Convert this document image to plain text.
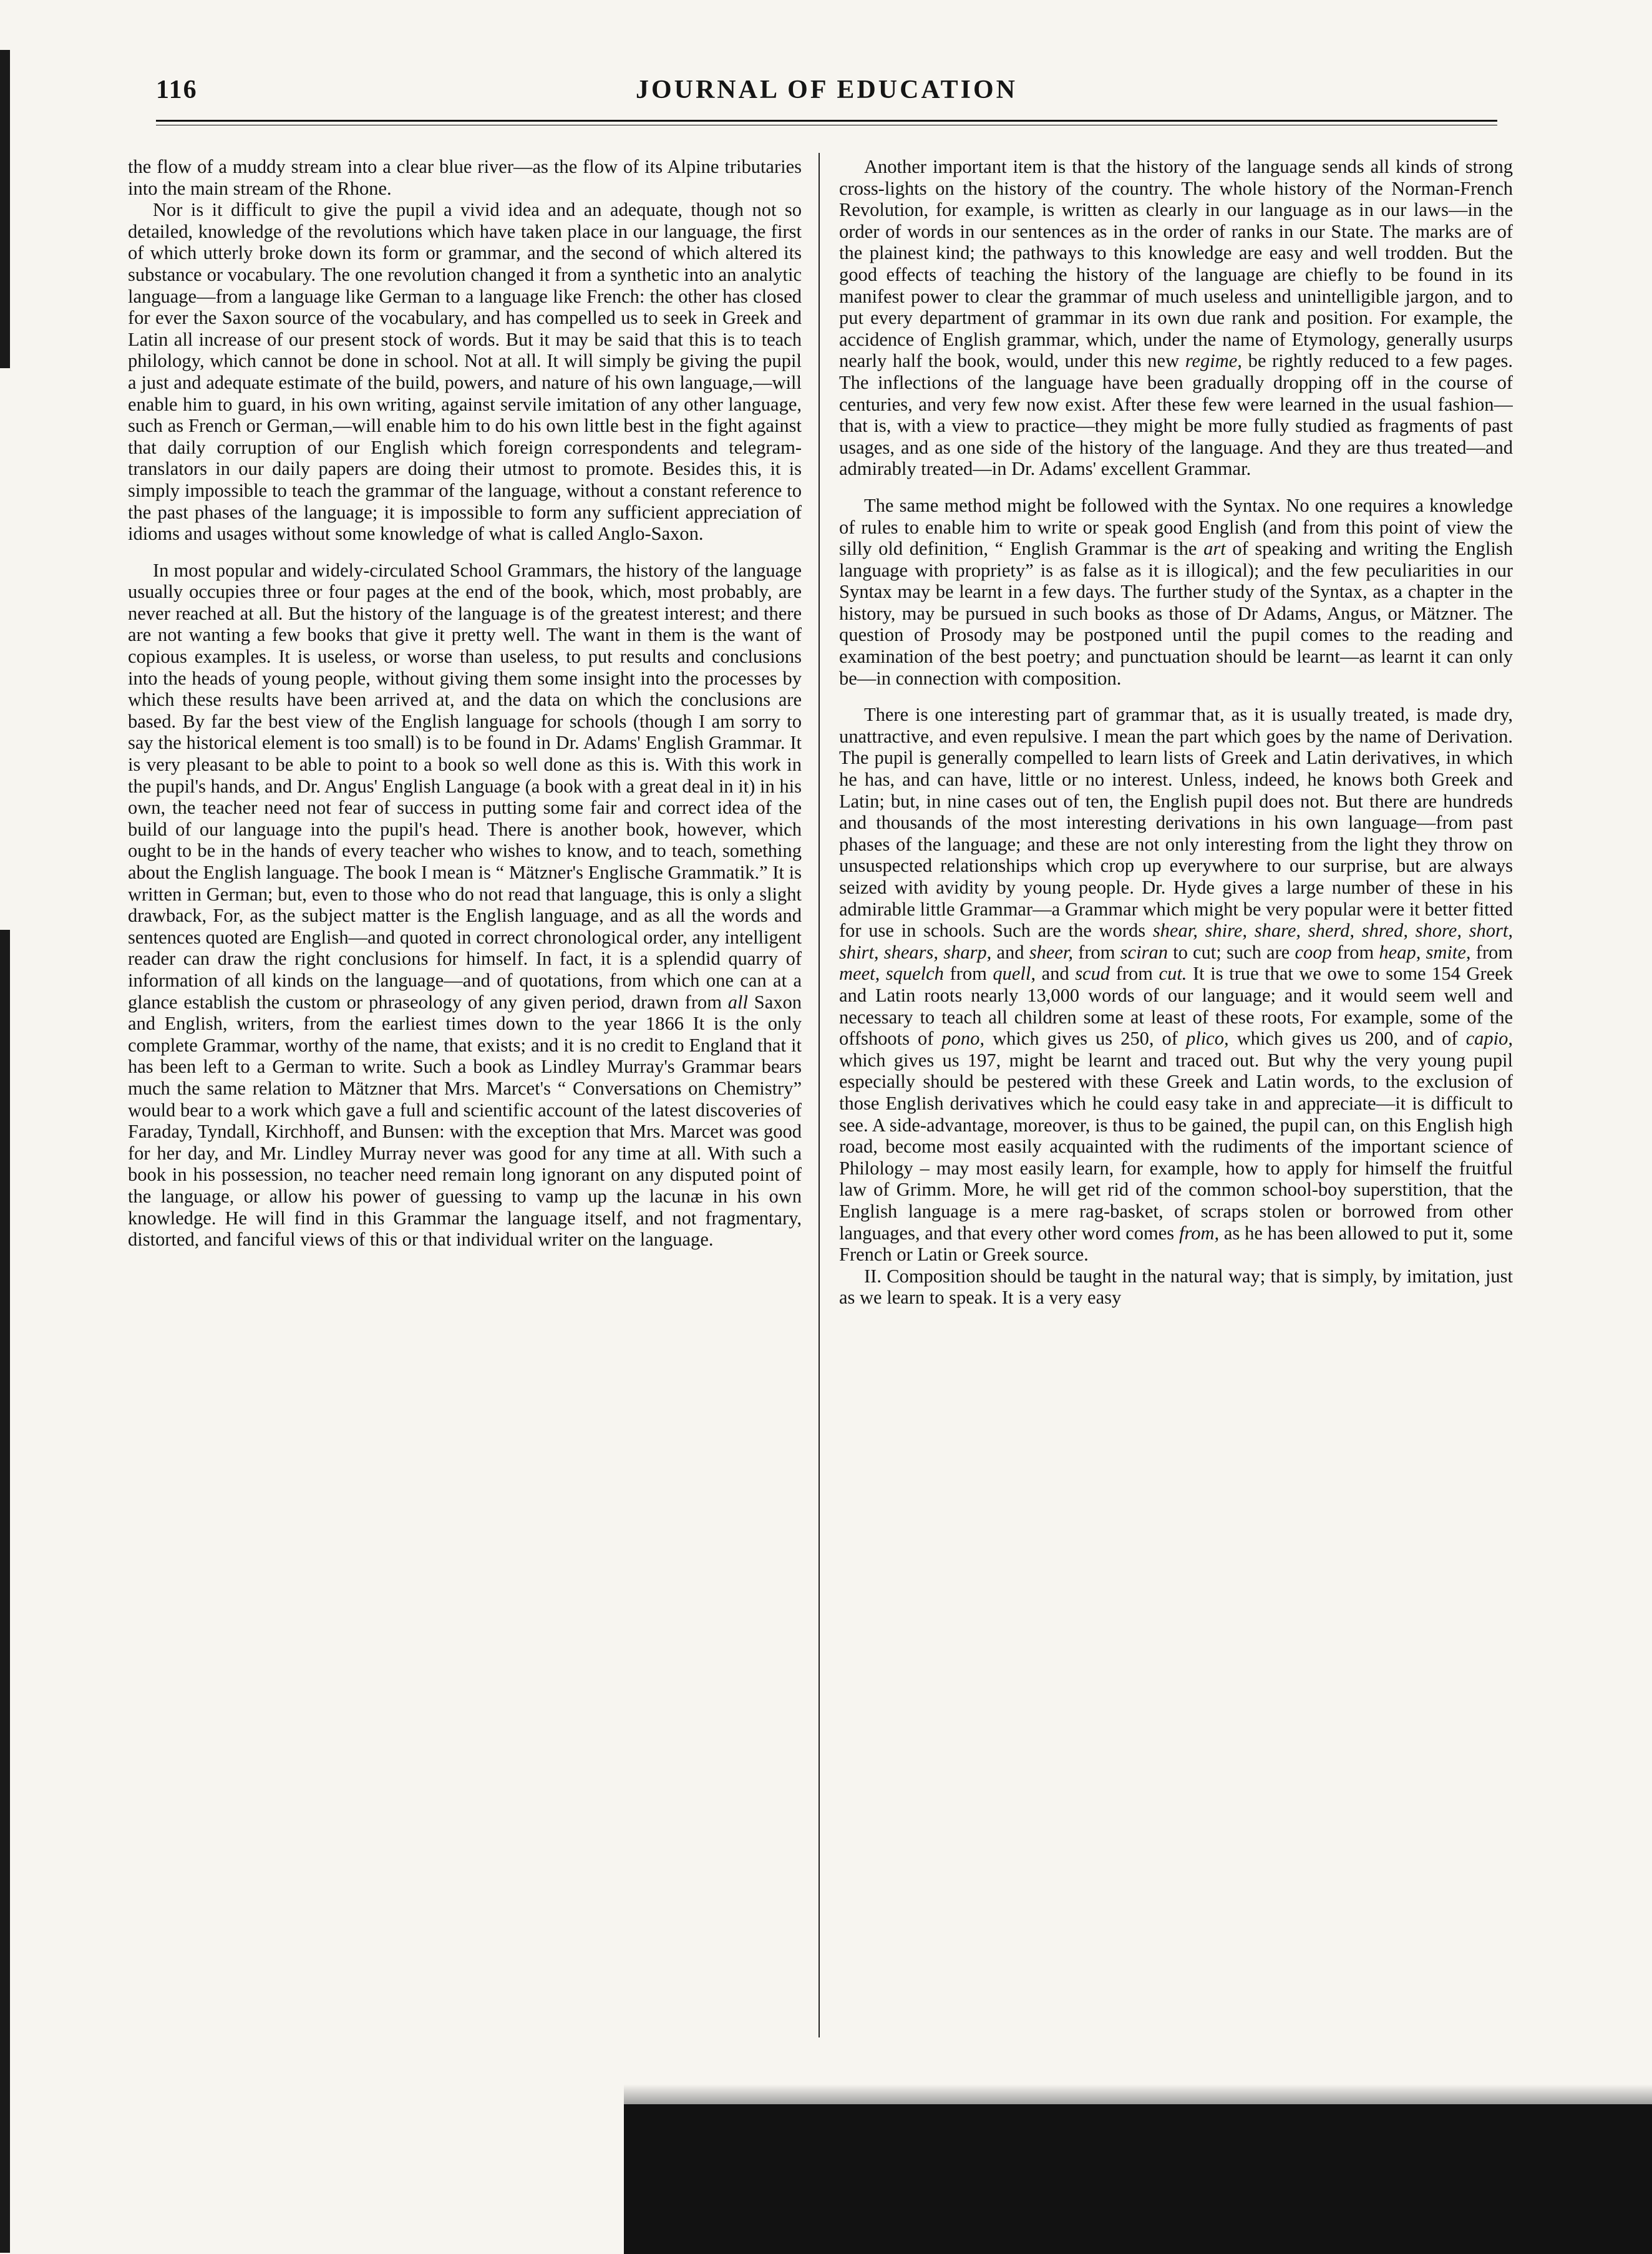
116	JOURNAL OF EDUCATION

the flow of a muddy stream into a clear blue river—as the flow of its Alpine tributaries into the main stream of the Rhone.

Nor is it difficult to give the pupil a vivid idea and an adequate, though not so detailed, knowledge of the revolutions which have taken place in our language, the first of which utterly broke down its form or grammar, and the second of which altered its substance or vocabulary. The one revolution changed it from a synthetic into an analytic language—from a language like German to a language like French: the other has closed for ever the Saxon source of the vocabulary, and has compelled us to seek in Greek and Latin all increase of our present stock of words. But it may be said that this is to teach philology, which cannot be done in school. Not at all. It will simply be giving the pupil a just and adequate estimate of the build, powers, and nature of his own language,—will enable him to guard, in his own writing, against servile imitation of any other language, such as French or German,—will enable him to do his own little best in the fight against that daily corruption of our English which foreign correspondents and telegram-translators in our daily papers are doing their utmost to promote. Besides this, it is simply impossible to teach the grammar of the language, without a constant reference to the past phases of the language; it is impossible to form any sufficient appreciation of idioms and usages without some knowledge of what is called Anglo-Saxon.

In most popular and widely-circulated School Grammars, the history of the language usually occupies three or four pages at the end of the book, which, most probably, are never reached at all. But the history of the language is of the greatest interest; and there are not wanting a few books that give it pretty well. The want in them is the want of copious examples. It is useless, or worse than useless, to put results and conclusions into the heads of young people, without giving them some insight into the processes by which these results have been arrived at, and the data on which the conclusions are based. By far the best view of the English language for schools (though I am sorry to say the historical element is too small) is to be found in Dr. Adams' English Grammar. It is very pleasant to be able to point to a book so well done as this is. With this work in the pupil's hands, and Dr. Angus' English Language (a book with a great deal in it) in his own, the teacher need not fear of success in putting some fair and correct idea of the build of our language into the pupil's head. There is another book, however, which ought to be in the hands of every teacher who wishes to know, and to teach, something about the English language. The book I mean is “ Mätzner's Englische Grammatik.” It is written in German; but, even to those who do not read that language, this is only a slight drawback, For, as the subject matter is the English language, and as all the words and sentences quoted are English—and quoted in correct chronological order, any intelligent reader can draw the right conclusions for himself. In fact, it is a splendid quarry of information of all kinds on the language—and of quotations, from which one can at a glance establish the custom or phraseology of any given period, drawn from all Saxon and English, writers, from the earliest times down to the year 1866 It is the only complete Grammar, worthy of the name, that exists; and it is no credit to England that it has been left to a German to write. Such a book as Lindley Murray's Grammar bears much the same relation to Mätzner that Mrs. Marcet's “ Conversations on Chemistry” would bear to a work which gave a full and scientific account of the latest discoveries of Faraday, Tyndall, Kirchhoff, and Bunsen: with the exception that Mrs. Marcet was good for her day, and Mr. Lindley Murray never was good for any time at all. With such a book in his possession, no teacher need remain long ignorant on any disputed point of the language, or allow his power of guessing to vamp up the lacunæ in his own knowledge. He will find in this Grammar the language itself, and not fragmentary, distorted, and fanciful views of this or that individual writer on the language.

Another important item is that the history of the language sends all kinds of strong cross-lights on the history of the country. The whole history of the Norman-French Revolution, for example, is written as clearly in our language as in our laws—in the order of words in our sentences as in the order of ranks in our State. The marks are of the plainest kind; the pathways to this knowledge are easy and well trodden. But the good effects of teaching the history of the language are chiefly to be found in its manifest power to clear the grammar of much useless and unintelligible jargon, and to put every department of grammar in its own due rank and position. For example, the accidence of English grammar, which, under the name of Etymology, generally usurps nearly half the book, would, under this new regime, be rightly reduced to a few pages. The inflections of the language have been gradually dropping off in the course of centuries, and very few now exist. After these few were learned in the usual fashion—that is, with a view to practice—they might be more fully studied as fragments of past usages, and as one side of the history of the language. And they are thus treated—and admirably treated—in Dr. Adams' excellent Grammar.

The same method might be followed with the Syntax. No one requires a knowledge of rules to enable him to write or speak good English (and from this point of view the silly old definition, “ English Grammar is the art of speaking and writing the English language with propriety” is as false as it is illogical); and the few peculiarities in our Syntax may be learnt in a few days. The further study of the Syntax, as a chapter in the history, may be pursued in such books as those of Dr Adams, Angus, or Mätzner. The question of Prosody may be postponed until the pupil comes to the reading and examination of the best poetry; and punctuation should be learnt—as learnt it can only be—in connection with composition.

There is one interesting part of grammar that, as it is usually treated, is made dry, unattractive, and even repulsive. I mean the part which goes by the name of Derivation. The pupil is generally compelled to learn lists of Greek and Latin derivatives, in which he has, and can have, little or no interest. Unless, indeed, he knows both Greek and Latin; but, in nine cases out of ten, the English pupil does not. But there are hundreds and thousands of the most interesting derivations in his own language—from past phases of the language; and these are not only interesting from the light they throw on unsuspected relationships which crop up everywhere to our surprise, but are always seized with avidity by young people. Dr. Hyde gives a large number of these in his admirable little Grammar—a Grammar which might be very popular were it better fitted for use in schools. Such are the words shear, shire, share, sherd, shred, shore, short, shirt, shears, sharp, and sheer, from sciran to cut; such are coop from heap, smite, from meet, squelch from quell, and scud from cut. It is true that we owe to some 154 Greek and Latin roots nearly 13,000 words of our language; and it would seem well and necessary to teach all children some at least of these roots, For example, some of the offshoots of pono, which gives us 250, of plico, which gives us 200, and of capio, which gives us 197, might be learnt and traced out. But why the very young pupil especially should be pestered with these Greek and Latin words, to the exclusion of those English derivatives which he could easy take in and appreciate—it is difficult to see. A side-advantage, moreover, is thus to be gained, the pupil can, on this English high road, become most easily acquainted with the rudiments of the important science of Philology – may most easily learn, for example, how to apply for himself the fruitful law of Grimm. More, he will get rid of the common school-boy superstition, that the English language is a mere rag-basket, of scraps stolen or borrowed from other languages, and that every other word comes from, as he has been allowed to put it, some French or Latin or Greek source.

II. Composition should be taught in the natural way; that is simply, by imitation, just as we learn to speak. It is a very easy
